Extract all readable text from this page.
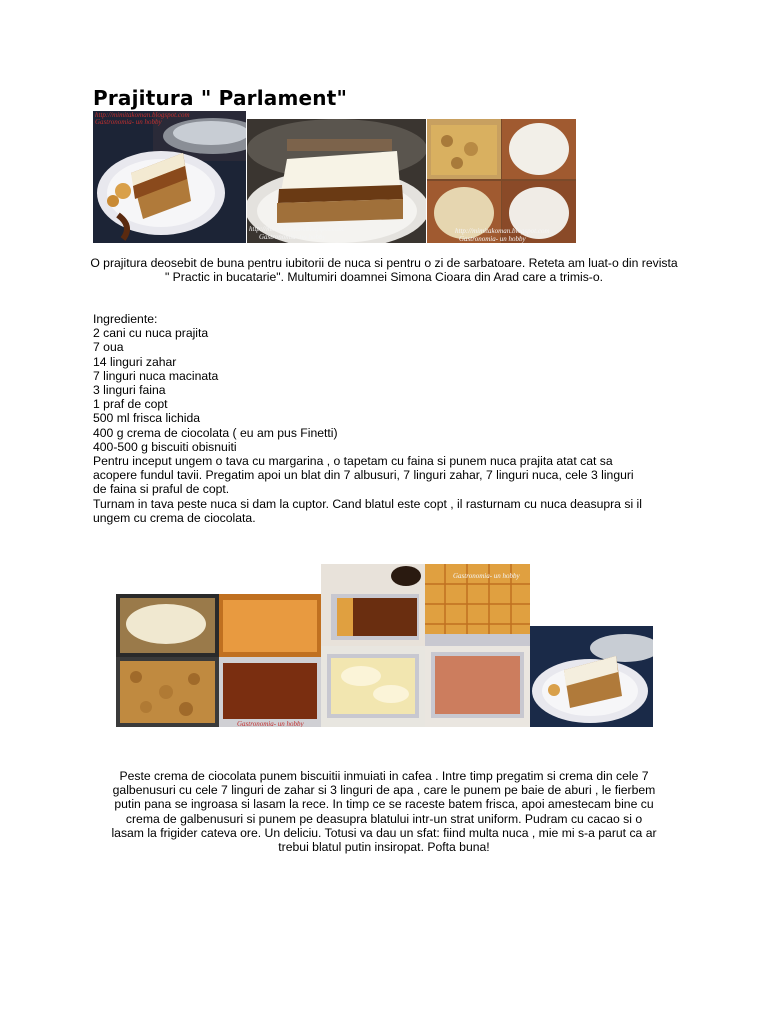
Prajitura " Parlament"
http://mimitakoman.blogspot.com
Gastronomia- un hobby
http://mimitakoman.blogspot.com/
Gastronomia- un hobby
http://mimitakoman.blogspot.com
Gastronomia- un hobby
O prajitura deosebit de buna pentru iubitorii de nuca si pentru o zi de sarbatoare. Reteta am luat-o din revista " Practic in bucatarie". Multumiri doamnei Simona Cioara din Arad care a trimis-o.
Ingrediente:
2 cani cu nuca prajita
7 oua
14 linguri zahar
7 linguri nuca macinata
3 linguri faina
1 praf de copt
500 ml frisca lichida
400 g crema de ciocolata ( eu am pus Finetti)
400-500 g biscuiti obisnuiti
Pentru inceput ungem o tava cu margarina , o tapetam cu faina si punem nuca prajita atat cat sa
acopere fundul tavii. Pregatim apoi un blat din 7 albusuri, 7 linguri zahar, 7 linguri nuca, cele 3 linguri
de faina si praful de copt.
Turnam in tava peste nuca si dam la cuptor. Cand blatul este copt , il rasturnam cu nuca deasupra si il
ungem cu crema de ciocolata.
Gastronomia- un hobby
Gastronomia- un hobby
Peste crema de ciocolata punem biscuitii inmuiati in cafea . Intre timp pregatim si crema din cele 7
galbenusuri cu cele 7 linguri de zahar si 3 linguri de apa , care le punem pe baie de aburi , le fierbem
putin pana se ingroasa si lasam la rece. In timp ce se raceste batem frisca, apoi amestecam bine cu
crema de galbenusuri si punem pe deasupra blatului intr-un strat uniform. Pudram cu cacao si o
lasam la frigider cateva ore. Un deliciu. Totusi va dau un sfat: fiind multa nuca , mie mi s-a parut ca ar
trebui blatul putin insiropat. Pofta buna!
